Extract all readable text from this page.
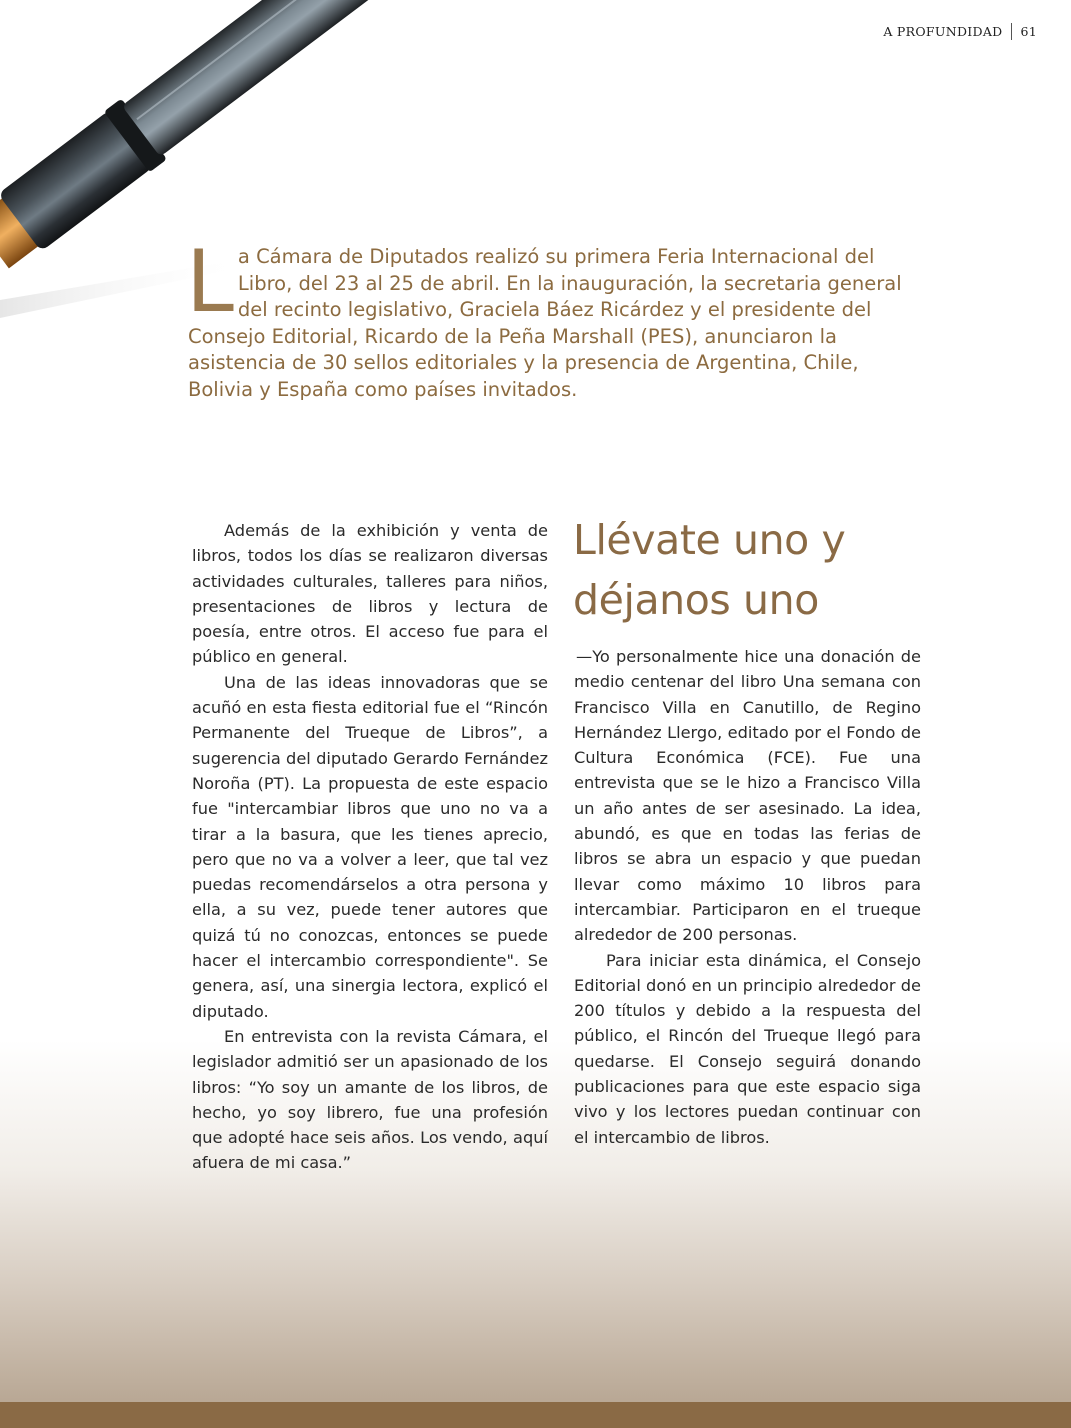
A PROFUNDIDAD 61
L a Cámara de Diputados realizó su primera Feria Internacional del Libro, del 23 al 25 de abril. En la inauguración, la secretaria general del recinto legislativo, Graciela Báez Ricárdez y el presidente del Consejo Editorial, Ricardo de la Peña Marshall (PES), anunciaron la asistencia de 30 sellos editoriales y la presencia de Argentina, Chile, Bolivia y España como países invitados.

Además de la exhibición y venta de libros, todos los días se realizaron diversas actividades culturales, talleres para niños, presentaciones de libros y lectura de poesía, entre otros. El acceso fue para el público en general.

Una de las ideas innovadoras que se acuñó en esta fiesta editorial fue el “Rincón Permanente del Trueque de Libros”, a sugerencia del diputado Gerardo Fernández Noroña (PT). La propuesta de este espacio fue "intercambiar libros que uno no va a tirar a la basura, que les tienes aprecio, pero que no va a volver a leer, que tal vez puedas recomendárselos a otra persona y ella, a su vez, puede tener autores que quizá tú no conozcas, entonces se puede hacer el intercambio correspondiente". Se genera, así, una sinergia lectora, explicó el diputado.

En entrevista con la revista Cámara, el legislador admitió ser un apasionado de los libros: “Yo soy un amante de los libros, de hecho, yo soy librero, fue una profesión que adopté hace seis años. Los vendo, aquí afuera de mi casa.”

Llévate uno y déjanos uno

—Yo personalmente hice una donación de medio centenar del libro Una semana con Francisco Villa en Canutillo, de Regino Hernández Llergo, editado por el Fondo de Cultura Económica (FCE). Fue una entrevista que se le hizo a Francisco Villa un año antes de ser asesinado. La idea, abundó, es que en todas las ferias de libros se abra un espacio y que puedan llevar como máximo 10 libros para intercambiar. Participaron en el trueque alrededor de 200 personas.

Para iniciar esta dinámica, el Consejo Editorial donó en un principio alrededor de 200 títulos y debido a la respuesta del público, el Rincón del Trueque llegó para quedarse. El Consejo seguirá donando publicaciones para que este espacio siga vivo y los lectores puedan continuar con el intercambio de libros.
